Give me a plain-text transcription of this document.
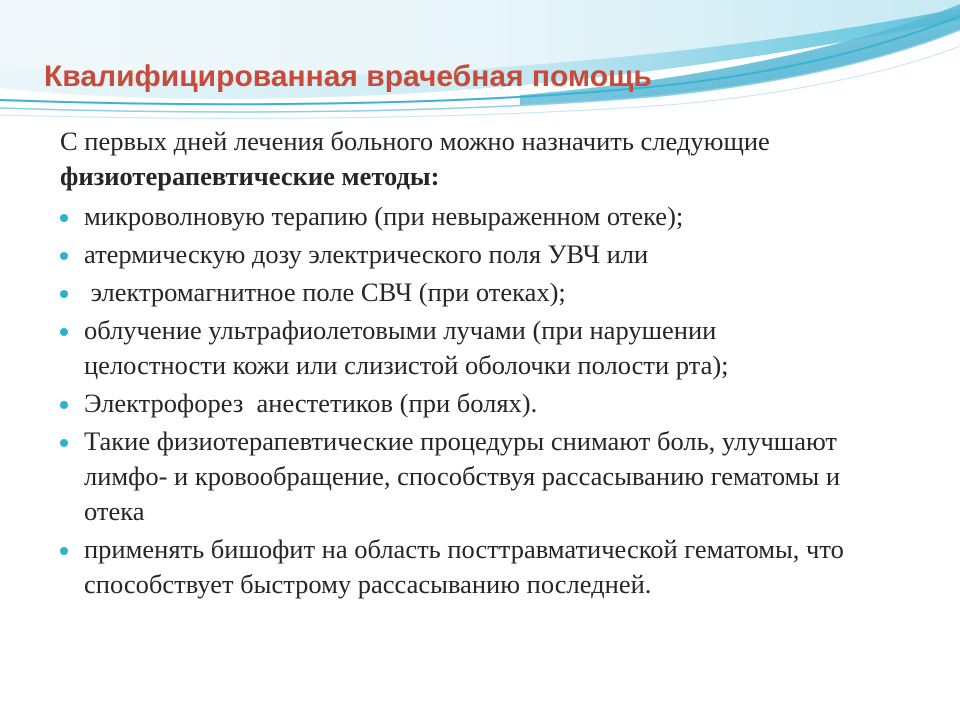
Квалифицированная врачебная помощь

С первых дней лечения больного можно назначить следующие физиотерапевтические методы:

микроволновую терапию (при невыраженном отеке);
атермическую дозу электрического поля УВЧ или
электромагнитное поле СВЧ (при отеках);
облучение ультрафиолетовыми лучами (при нарушении целостности кожи или слизистой оболочки полости рта);
Электрофорез  анестетиков (при болях).
Такие физиотерапевтические процедуры снимают боль, улучшают лимфо- и кровообращение, способствуя рассасыванию гематомы и отека
применять бишофит на область посттравматической гематомы, что способствует быстрому рассасыванию последней.
